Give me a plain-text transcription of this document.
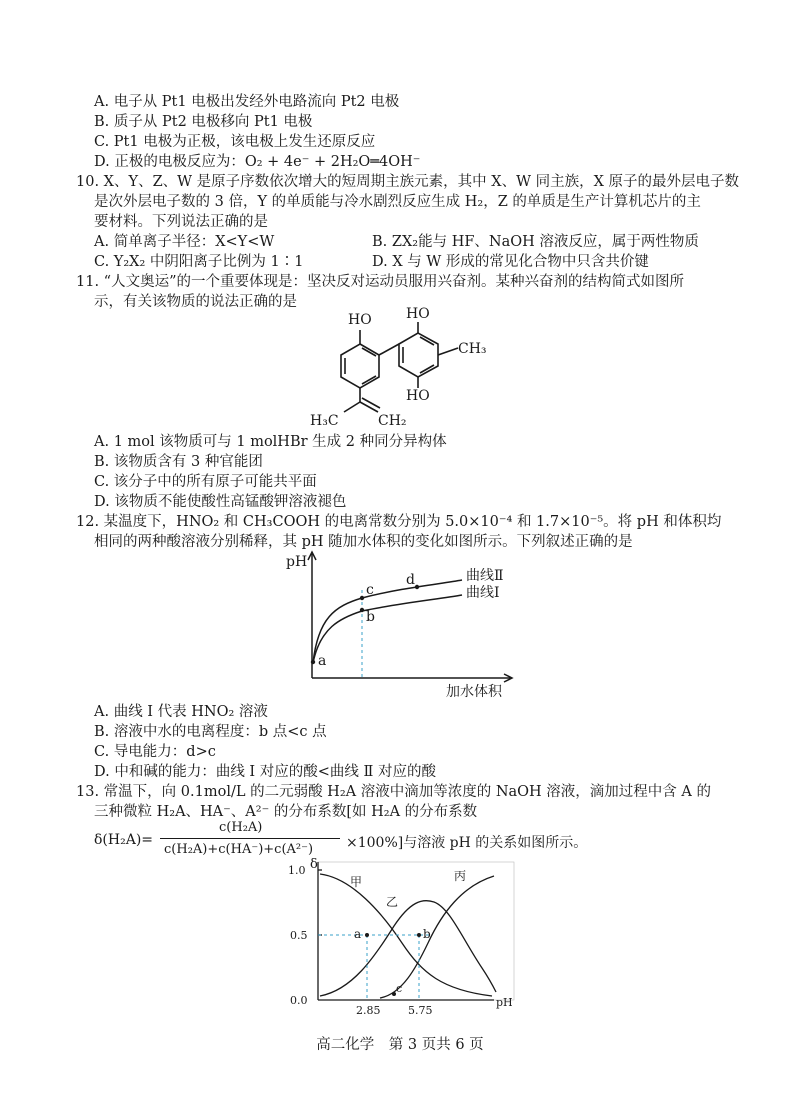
A. 电子从 Pt1 电极出发经外电路流向 Pt2 电极
B. 质子从 Pt2 电极移向 Pt1 电极
C. Pt1 电极为正极，该电极上发生还原反应
D. 正极的电极反应为：O₂ + 4e⁻ + 2H₂O═4OH⁻
10. X、Y、Z、W 是原子序数依次增大的短周期主族元素，其中 X、W 同主族，X 原子的最外层电子数
是次外层电子数的 3 倍，Y 的单质能与冷水剧烈反应生成 H₂，Z 的单质是生产计算机芯片的主
要材料。下列说法正确的是
A. 简单离子半径：X<Y<W	B. ZX₂能与 HF、NaOH 溶液反应，属于两性物质
C. Y₂X₂ 中阴阳离子比例为 1∶1	D. X 与 W 形成的常见化合物中只含共价键
11. “人文奥运”的一个重要体现是：坚决反对运动员服用兴奋剂。某种兴奋剂的结构简式如图所
示，有关该物质的说法正确的是
HO HO
CH₃
HO
H₃C	CH₂
A. 1 mol 该物质可与 1 molHBr 生成 2 种同分异构体
B. 该物质含有 3 种官能团
C. 该分子中的所有原子可能共平面
D. 该物质不能使酸性高锰酸钾溶液褪色
12. 某温度下，HNO₂ 和 CH₃COOH 的电离常数分别为 5.0×10⁻⁴ 和 1.7×10⁻⁵。将 pH 和体积均
相同的两种酸溶液分别稀释，其 pH 随加水体积的变化如图所示。下列叙述正确的是
pH
加水体积
曲线Ⅱ
曲线Ⅰ
a
c
b
d
A. 曲线 Ⅰ 代表 HNO₂ 溶液
B. 溶液中水的电离程度：b 点<c 点
C. 导电能力：d>c
D. 中和碱的能力：曲线 Ⅰ 对应的酸<曲线 Ⅱ 对应的酸
13. 常温下，向 0.1mol/L 的二元弱酸 H₂A 溶液中滴加等浓度的 NaOH 溶液，滴加过程中含 A 的
三种微粒 H₂A、HA⁻、A²⁻ 的分布系数[如 H₂A 的分布系数
δ(H₂A)=
c(H₂A)
c(H₂A)+c(HA⁻)+c(A²⁻) ×100%]与溶液 pH 的关系如图所示。
δ
1.0
0.5
0.0	pH
2.85	5.75
甲
乙
丙
a	b
c
高二化学　第 3 页共 6 页
